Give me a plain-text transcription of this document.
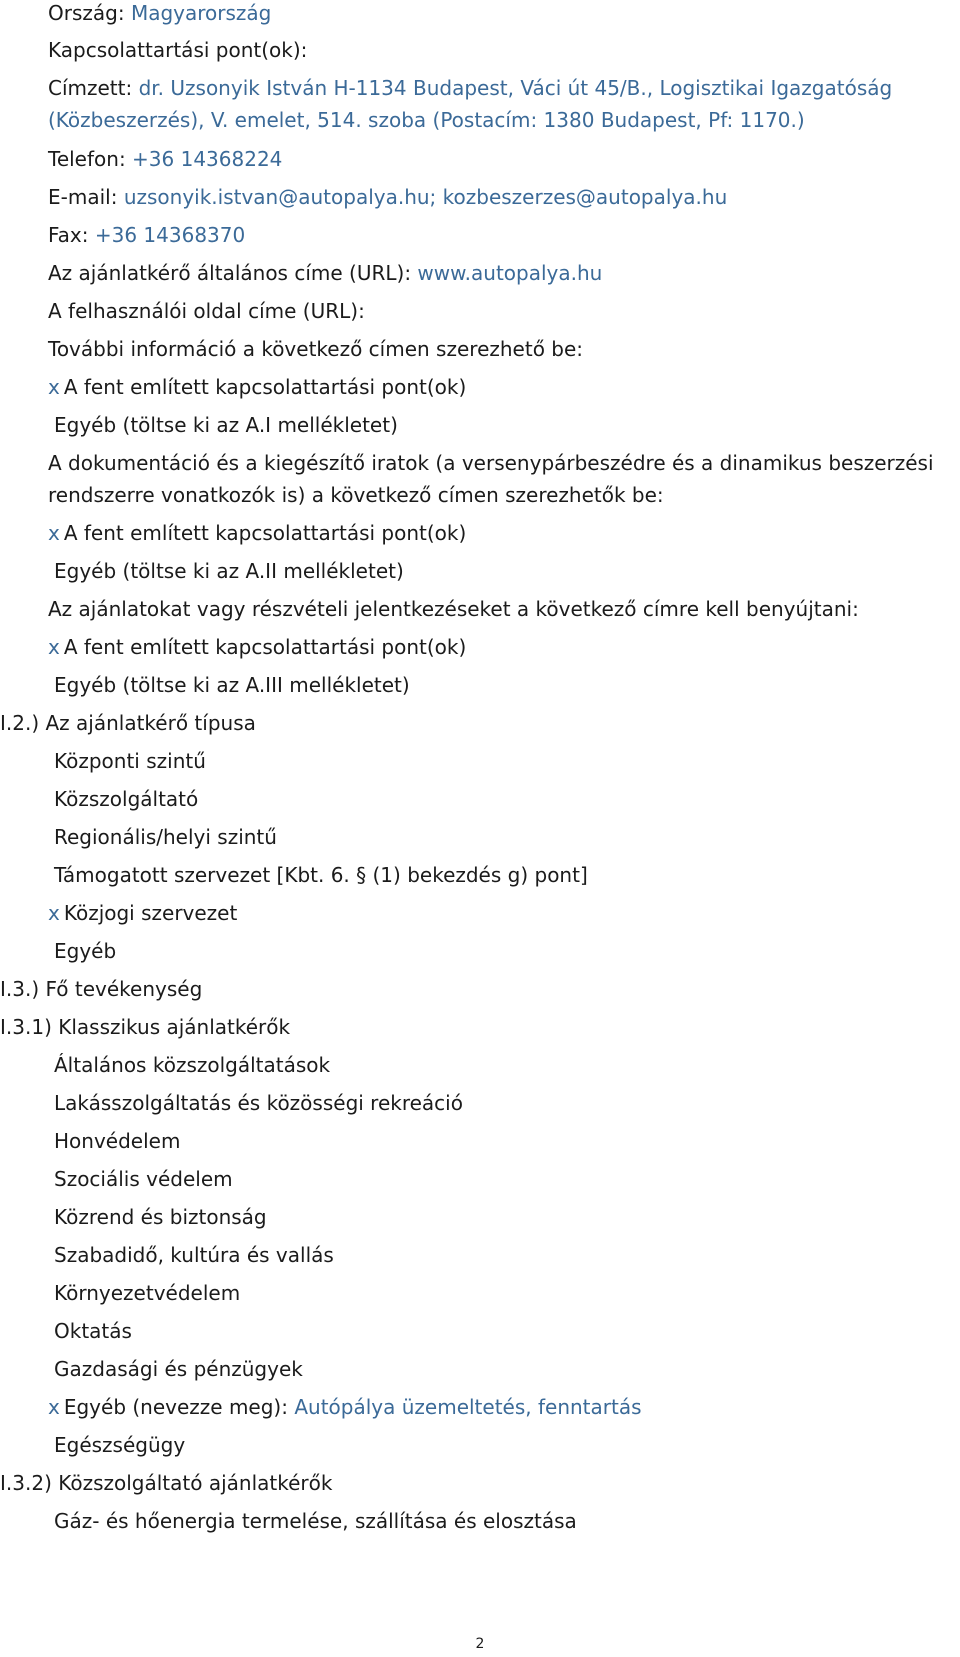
Ország: Magyarország
Kapcsolattartási pont(ok):
Címzett: dr. Uzsonyik István H-1134 Budapest, Váci út 45/B., Logisztikai Igazgatóság
(Közbeszerzés), V. emelet, 514. szoba (Postacím: 1380 Budapest, Pf: 1170.)
Telefon: +36 14368224
E-mail: uzsonyik.istvan@autopalya.hu; kozbeszerzes@autopalya.hu
Fax: +36 14368370
Az ajánlatkérő általános címe (URL): www.autopalya.hu
A felhasználói oldal címe (URL):
További információ a következő címen szerezhető be:
x A fent említett kapcsolattartási pont(ok)
Egyéb (töltse ki az A.I mellékletet)
A dokumentáció és a kiegészítő iratok (a versenypárbeszédre és a dinamikus beszerzési
rendszerre vonatkozók is) a következő címen szerezhetők be:
x A fent említett kapcsolattartási pont(ok)
Egyéb (töltse ki az A.II mellékletet)
Az ajánlatokat vagy részvételi jelentkezéseket a következő címre kell benyújtani:
x A fent említett kapcsolattartási pont(ok)
Egyéb (töltse ki az A.III mellékletet)
I.2.) Az ajánlatkérő típusa
Központi szintű
Közszolgáltató
Regionális/helyi szintű
Támogatott szervezet [Kbt. 6. § (1) bekezdés g) pont]
x Közjogi szervezet
Egyéb
I.3.) Fő tevékenység
I.3.1) Klasszikus ajánlatkérők
Általános közszolgáltatások
Lakásszolgáltatás és közösségi rekreáció
Honvédelem
Szociális védelem
Közrend és biztonság
Szabadidő, kultúra és vallás
Környezetvédelem
Oktatás
Gazdasági és pénzügyek
x Egyéb (nevezze meg): Autópálya üzemeltetés, fenntartás
Egészségügy
I.3.2) Közszolgáltató ajánlatkérők
Gáz- és hőenergia termelése, szállítása és elosztása
2
